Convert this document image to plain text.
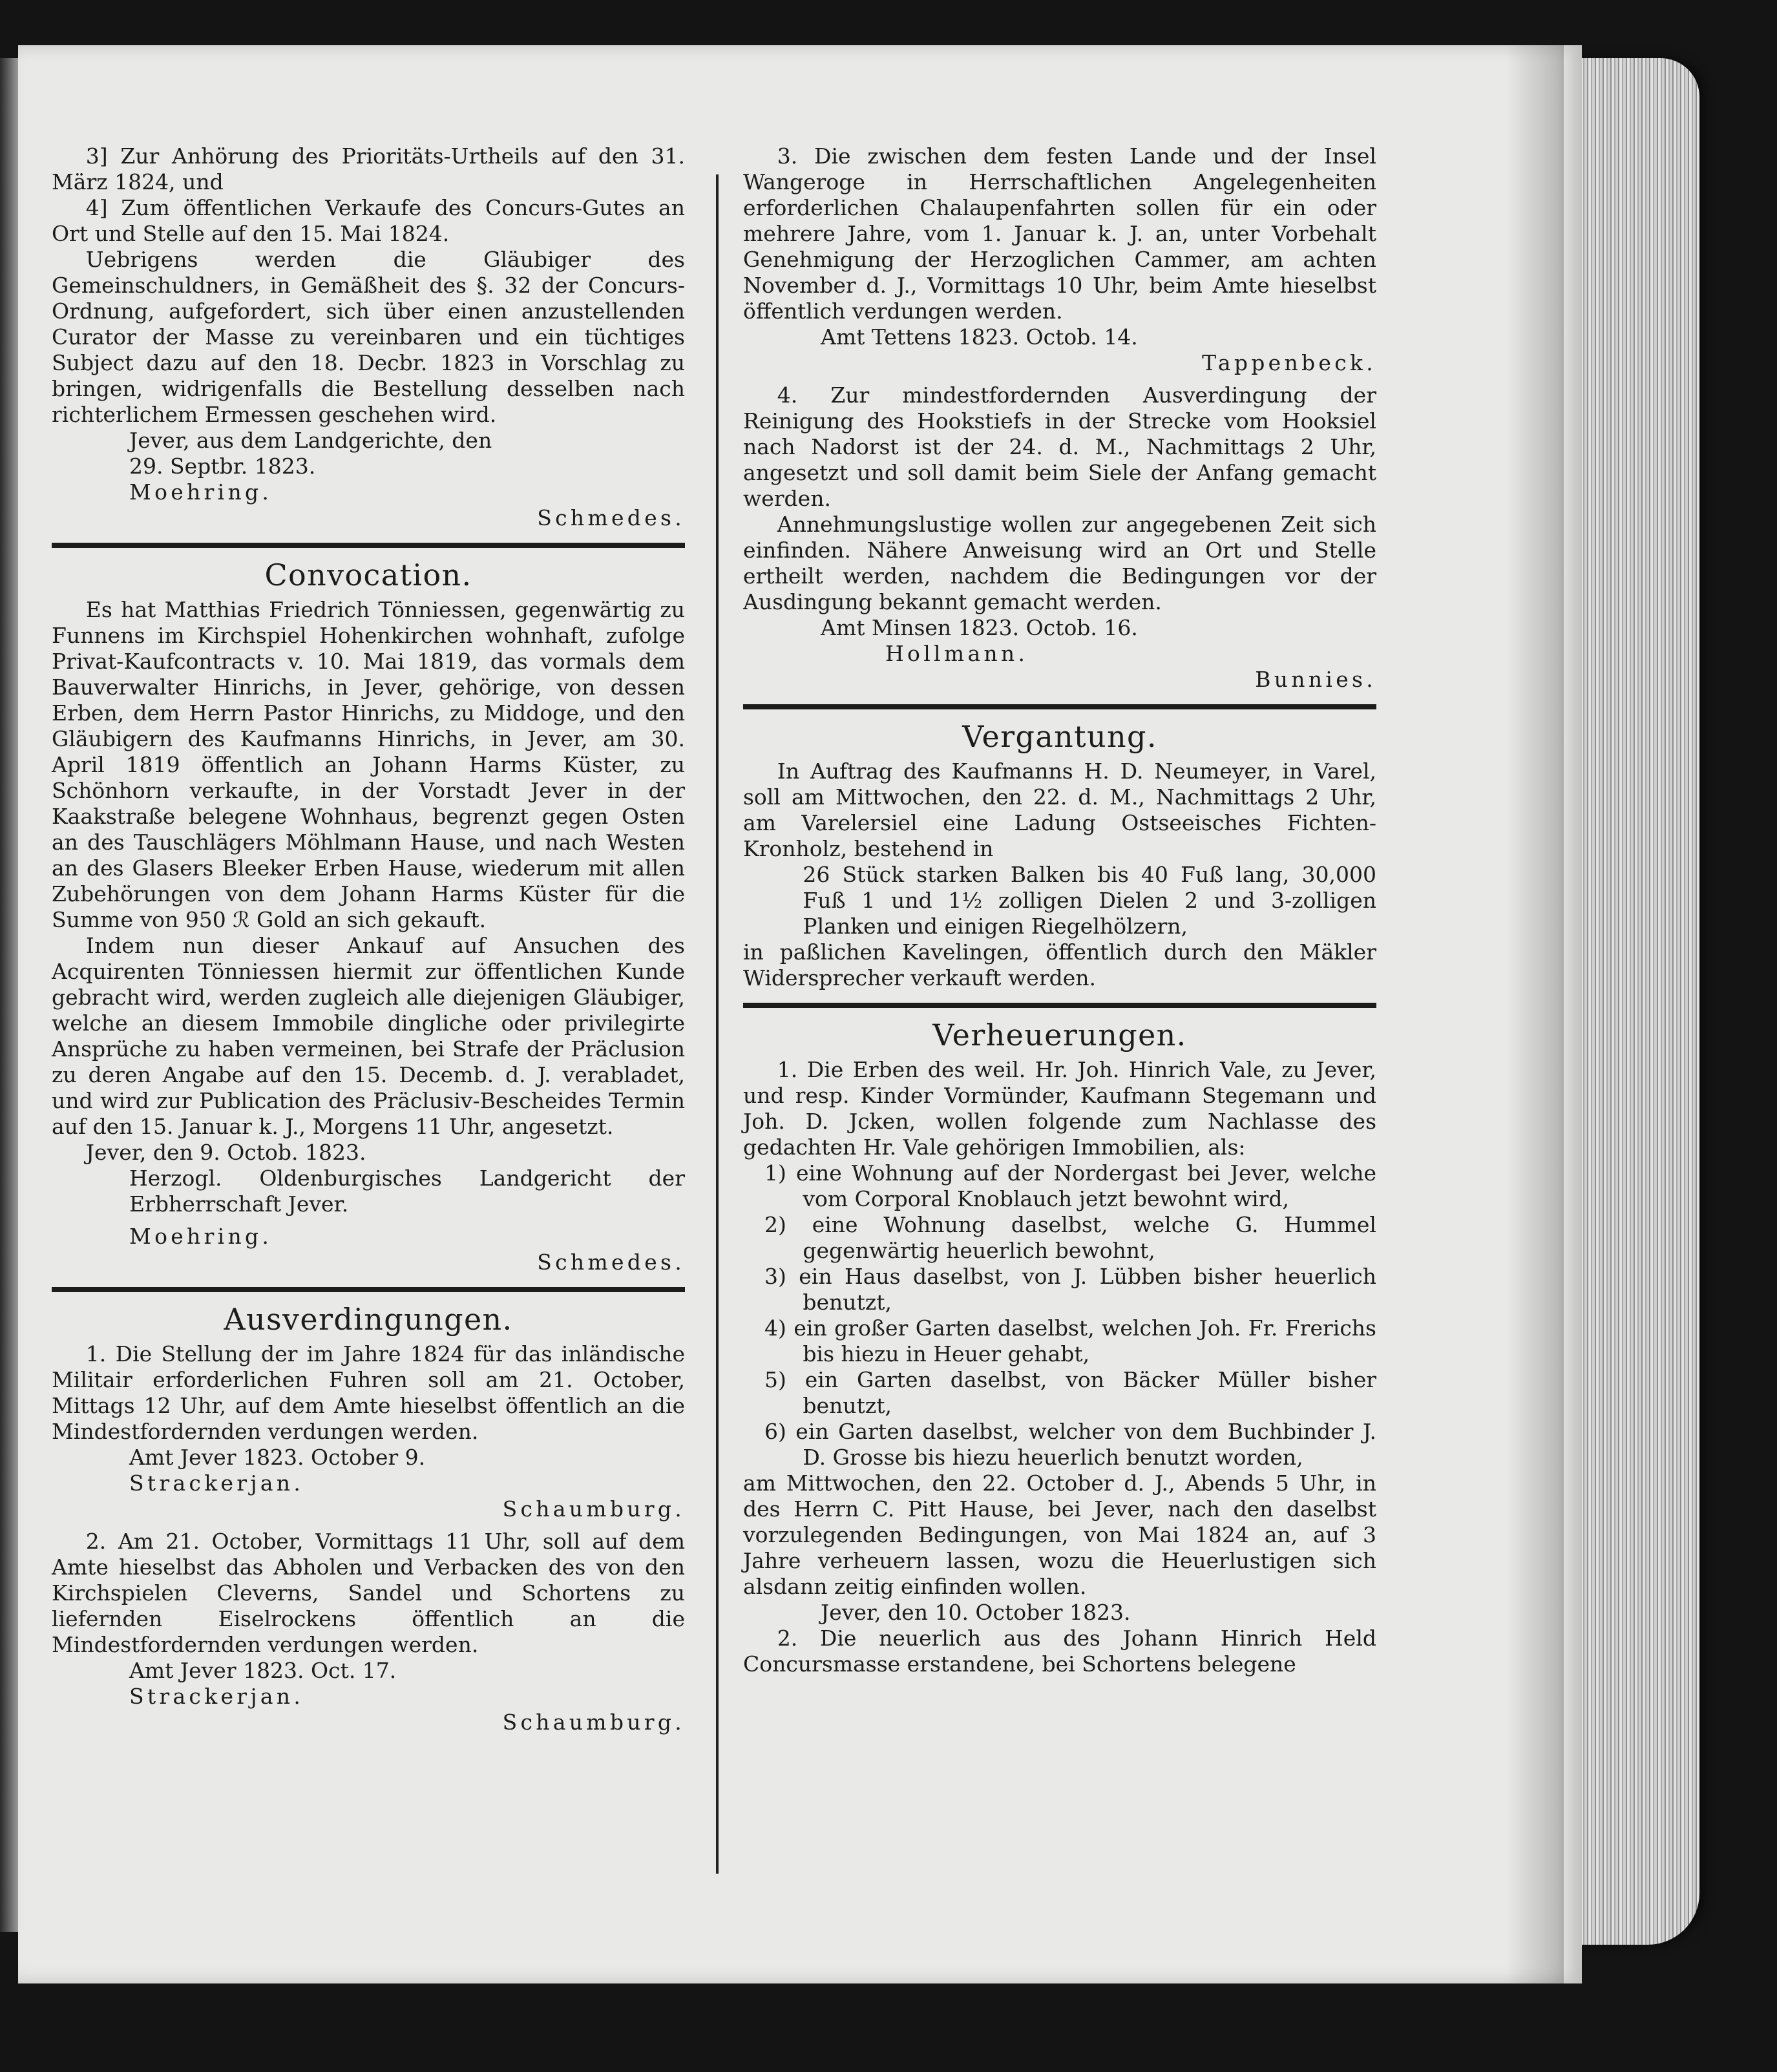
3] Zur Anhörung des Prioritäts-Urtheils auf den 31. März 1824, und

4] Zum öffentlichen Verkaufe des Concurs-Gutes an Ort und Stelle auf den 15. Mai 1824.

Uebrigens werden die Gläubiger des Gemeinschuldners, in Gemäßheit des §. 32 der Concurs-Ordnung, aufgefordert, sich über einen anzustellenden Curator der Masse zu vereinbaren und ein tüchtiges Subject dazu auf den 18. Decbr. 1823 in Vorschlag zu bringen, widrigenfalls die Bestellung desselben nach richterlichem Ermessen geschehen wird.

Jever, aus dem Landgerichte, den

29. Septbr. 1823.

Moehring.

Schmedes.

Convocation.

Es hat Matthias Friedrich Tönniessen, gegenwärtig zu Funnens im Kirchspiel Hohenkirchen wohnhaft, zufolge Privat-Kaufcontracts v. 10. Mai 1819, das vormals dem Bauverwalter Hinrichs, in Jever, gehörige, von dessen Erben, dem Herrn Pastor Hinrichs, zu Middoge, und den Gläubigern des Kaufmanns Hinrichs, in Jever, am 30. April 1819 öffentlich an Johann Harms Küster, zu Schönhorn verkaufte, in der Vorstadt Jever in der Kaakstraße belegene Wohnhaus, begrenzt gegen Osten an des Tauschlägers Möhlmann Hause, und nach Westen an des Glasers Bleeker Erben Hause, wiederum mit allen Zubehörungen von dem Johann Harms Küster für die Summe von 950 ℛ Gold an sich gekauft.

Indem nun dieser Ankauf auf Ansuchen des Acquirenten Tönniessen hiermit zur öffentlichen Kunde gebracht wird, werden zugleich alle diejenigen Gläubiger, welche an diesem Immobile dingliche oder privilegirte Ansprüche zu haben vermeinen, bei Strafe der Präclusion zu deren Angabe auf den 15. Decemb. d. J. verabladet, und wird zur Publication des Präclusiv-Bescheides Termin auf den 15. Januar k. J., Morgens 11 Uhr, angesetzt.

Jever, den 9. Octob. 1823.

Herzogl. Oldenburgisches Landgericht der Erbherrschaft Jever.

Moehring.

Schmedes.

Ausverdingungen.

1. Die Stellung der im Jahre 1824 für das inländische Militair erforderlichen Fuhren soll am 21. October, Mittags 12 Uhr, auf dem Amte hieselbst öffentlich an die Mindestfordernden verdungen werden.

Amt Jever 1823. October 9.

Strackerjan.

Schaumburg.

2. Am 21. October, Vormittags 11 Uhr, soll auf dem Amte hieselbst das Abholen und Verbacken des von den Kirchspielen Cleverns, Sandel und Schortens zu liefernden Eiselrockens öffentlich an die Mindestfordernden verdungen werden.

Amt Jever 1823. Oct. 17.

Strackerjan.

Schaumburg.

3. Die zwischen dem festen Lande und der Insel Wangeroge in Herrschaftlichen Angelegenheiten erforderlichen Chalaupenfahrten sollen für ein oder mehrere Jahre, vom 1. Januar k. J. an, unter Vorbehalt Genehmigung der Herzoglichen Cammer, am achten November d. J., Vormittags 10 Uhr, beim Amte hieselbst öffentlich verdungen werden.

Amt Tettens 1823. Octob. 14.

Tappenbeck.

4. Zur mindestfordernden Ausverdingung der Reinigung des Hookstiefs in der Strecke vom Hooksiel nach Nadorst ist der 24. d. M., Nachmittags 2 Uhr, angesetzt und soll damit beim Siele der Anfang gemacht werden.

Annehmungslustige wollen zur angegebenen Zeit sich einfinden. Nähere Anweisung wird an Ort und Stelle ertheilt werden, nachdem die Bedingungen vor der Ausdingung bekannt gemacht werden.

Amt Minsen 1823. Octob. 16.

Hollmann.

Bunnies.

Vergantung.

In Auftrag des Kaufmanns H. D. Neumeyer, in Varel, soll am Mittwochen, den 22. d. M., Nachmittags 2 Uhr, am Varelersiel eine Ladung Ostseeisches Fichten-Kronholz, bestehend in

26 Stück starken Balken bis 40 Fuß lang, 30,000 Fuß 1 und 1½ zolligen Dielen 2 und 3-zolligen Planken und einigen Riegelhölzern,

in paßlichen Kavelingen, öffentlich durch den Mäkler Widersprecher verkauft werden.

Verheuerungen.

1. Die Erben des weil. Hr. Joh. Hinrich Vale, zu Jever, und resp. Kinder Vormünder, Kaufmann Stegemann und Joh. D. Jcken, wollen folgende zum Nachlasse des gedachten Hr. Vale gehörigen Immobilien, als:

1) eine Wohnung auf der Nordergast bei Jever, welche vom Corporal Knoblauch jetzt bewohnt wird,

2) eine Wohnung daselbst, welche G. Hummel gegenwärtig heuerlich bewohnt,

3) ein Haus daselbst, von J. Lübben bisher heuerlich benutzt,

4) ein großer Garten daselbst, welchen Joh. Fr. Frerichs bis hiezu in Heuer gehabt,

5) ein Garten daselbst, von Bäcker Müller bisher benutzt,

6) ein Garten daselbst, welcher von dem Buchbinder J. D. Grosse bis hiezu heuerlich benutzt worden,

am Mittwochen, den 22. October d. J., Abends 5 Uhr, in des Herrn C. Pitt Hause, bei Jever, nach den daselbst vorzulegenden Bedingungen, von Mai 1824 an, auf 3 Jahre verheuern lassen, wozu die Heuerlustigen sich alsdann zeitig einfinden wollen.

Jever, den 10. October 1823.

2. Die neuerlich aus des Johann Hinrich Held Concursmasse erstandene, bei Schortens belegene
